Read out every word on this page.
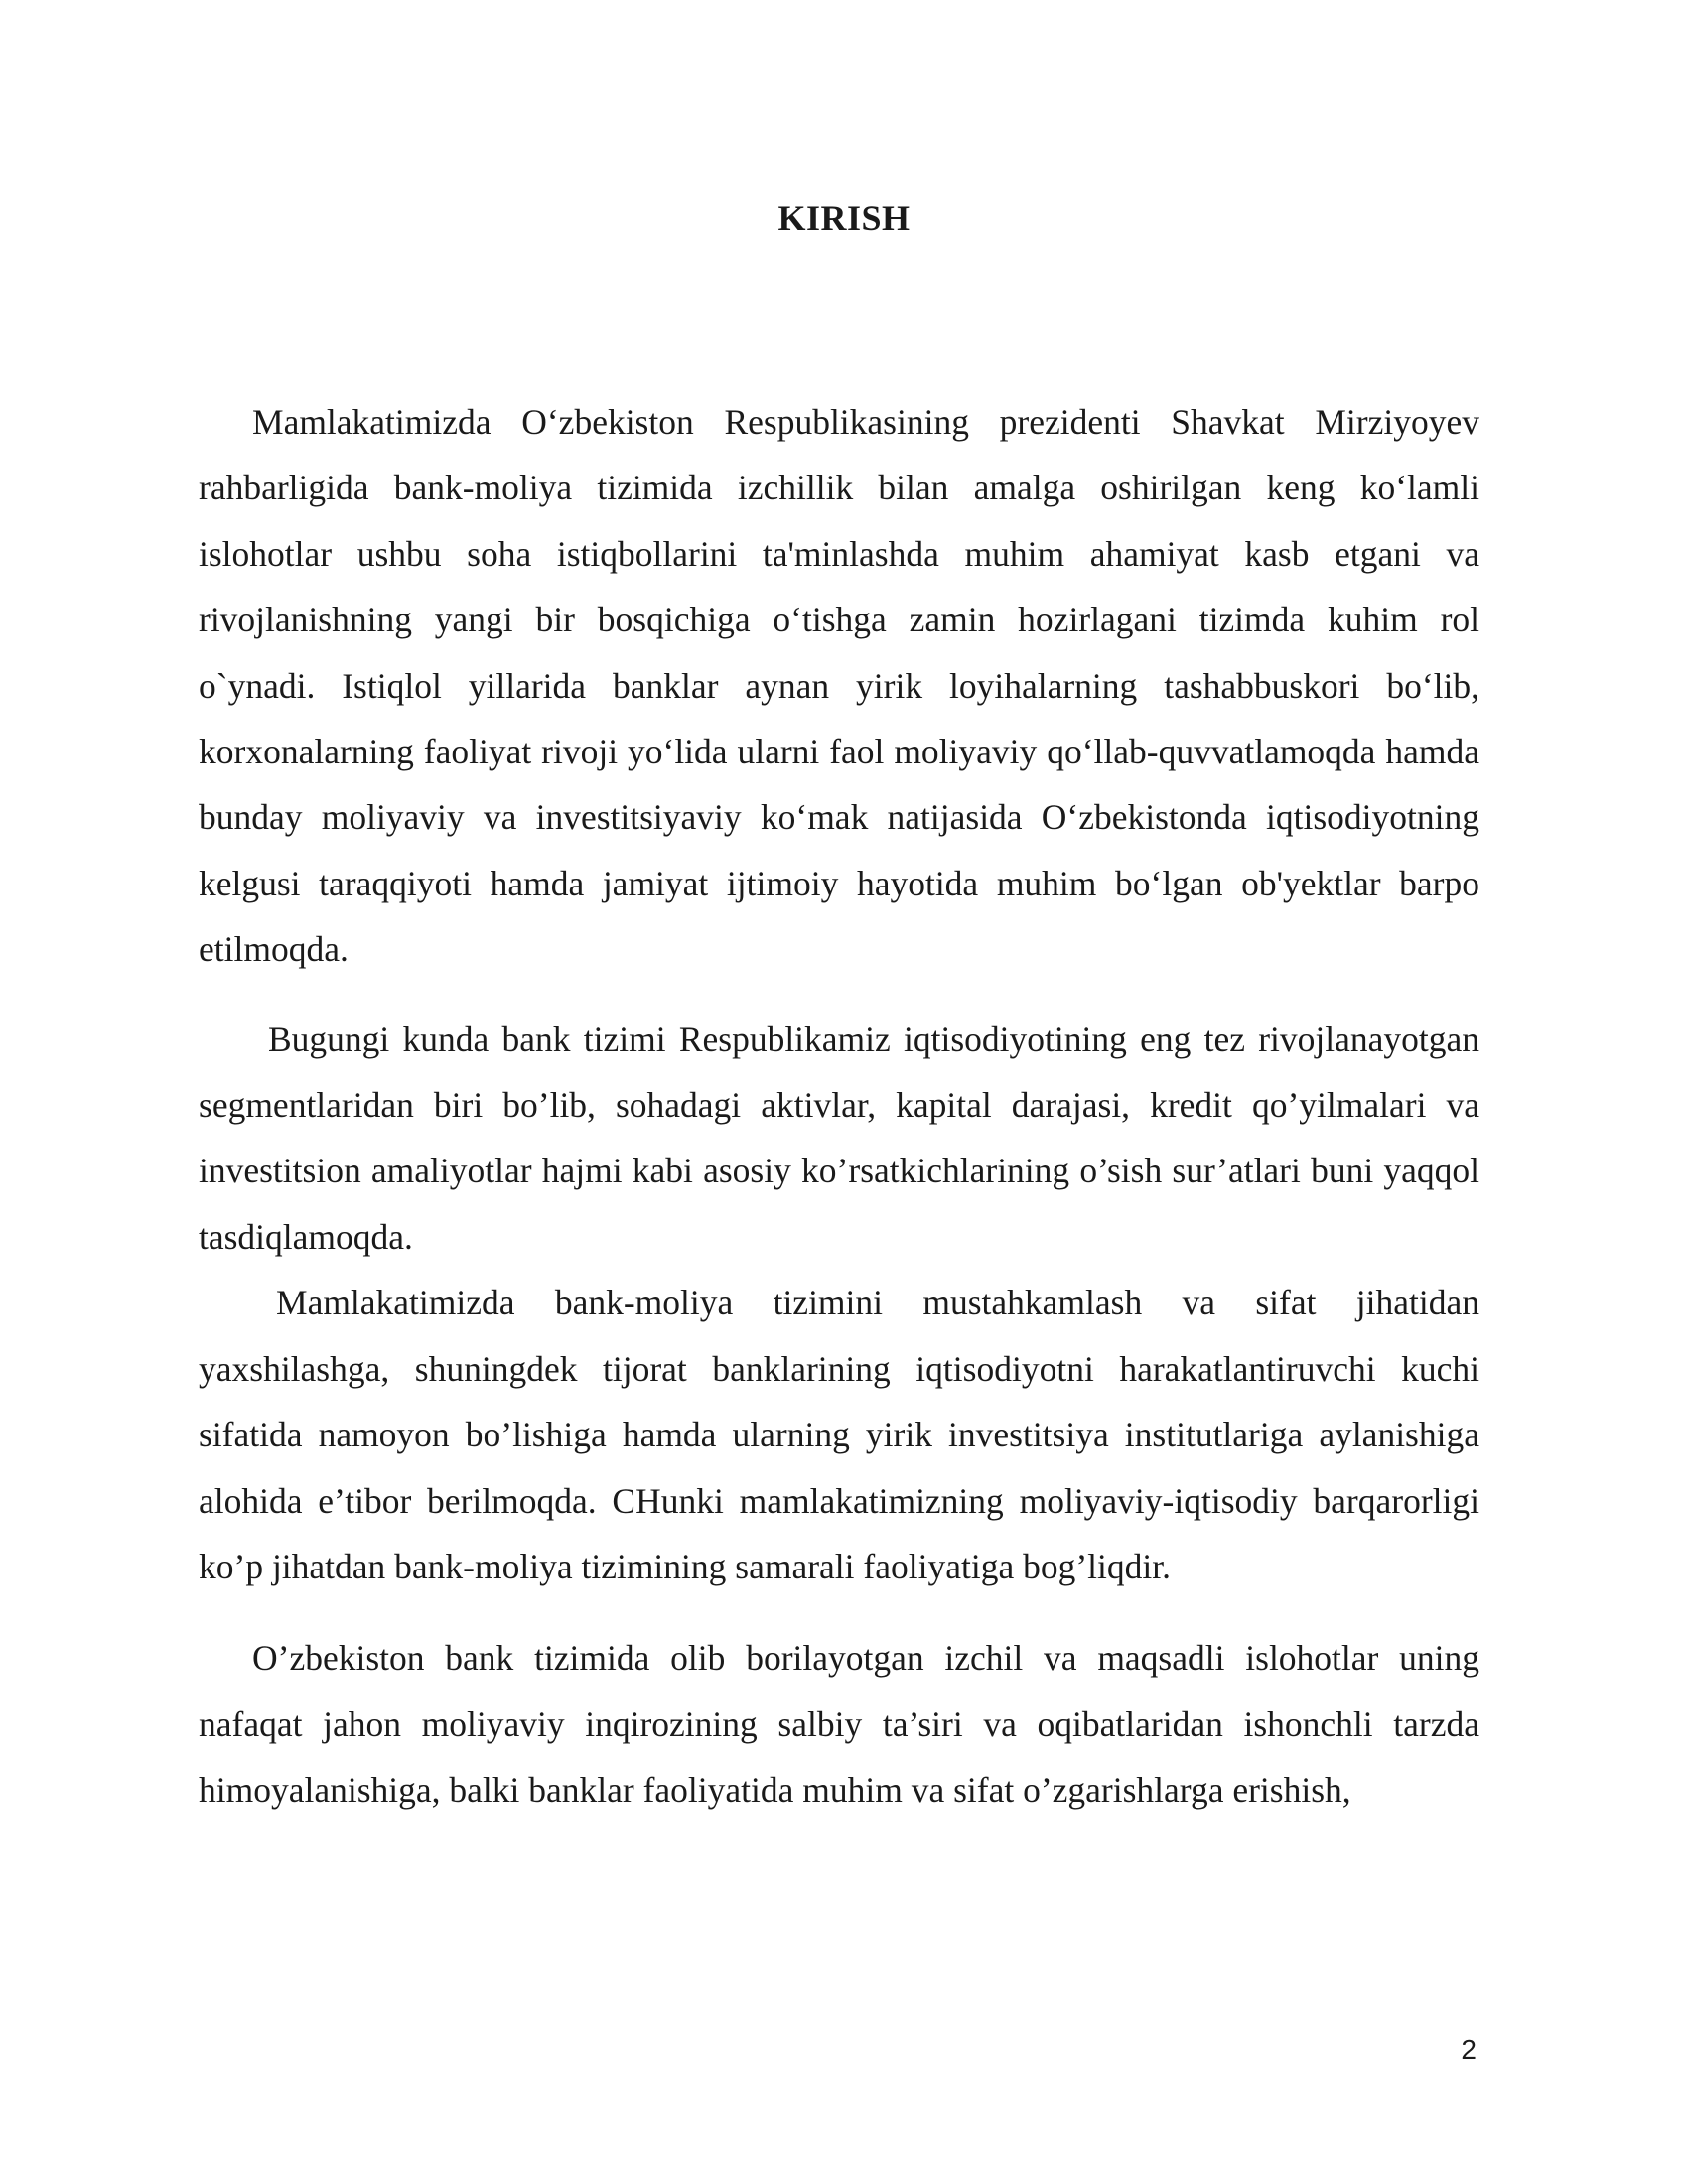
KIRISH

Mamlakatimizda O‘zbekiston Respublikasining prezidenti Shavkat Mirziyoyev rahbarligida bank-moliya tizimida izchillik bilan amalga oshirilgan keng ko‘lamli islohotlar ushbu soha istiqbollarini ta'minlashda muhim ahamiyat kasb etgani va rivojlanishning yangi bir bosqichiga o‘tishga zamin hozirlagani tizimda kuhim rol o`ynadi. Istiqlol yillarida banklar aynan yirik loyihalarning tashabbuskori bo‘lib, korxonalarning faoliyat rivoji yo‘lida ularni faol moliyaviy qo‘llab-quvvatlamoqda hamda bunday moliyaviy va investitsiyaviy ko‘mak natijasida O‘zbekistonda iqtisodiyotning kelgusi taraqqiyoti hamda jamiyat ijtimoiy hayotida muhim bo‘lgan ob'yektlar barpo etilmoqda.

Bugungi kunda bank tizimi Respublikamiz iqtisodiyotining eng tez rivojlanayotgan segmentlaridan biri bo’lib, sohadagi aktivlar, kapital darajasi, kredit qo’yilmalari va investitsion amaliyotlar hajmi kabi asosiy ko’rsatkichlarining o’sish sur’atlari buni yaqqol tasdiqlamoqda.

Mamlakatimizda bank-moliya tizimini mustahkamlash va sifat jihatidan yaxshilashga, shuningdek tijorat banklarining iqtisodiyotni harakatlantiruvchi kuchi sifatida namoyon bo’lishiga hamda ularning yirik investitsiya institutlariga aylanishiga alohida e’tibor berilmoqda. CHunki mamlakatimizning moliyaviy-iqtisodiy barqarorligi ko’p jihatdan bank-moliya tizimining samarali faoliyatiga bog’liqdir.

O’zbekiston bank tizimida olib borilayotgan izchil va maqsadli islohotlar uning nafaqat jahon moliyaviy inqirozining salbiy ta’siri va oqibatlaridan ishonchli tarzda himoyalanishiga, balki banklar faoliyatida muhim va sifat o’zgarishlarga erishish,

2
